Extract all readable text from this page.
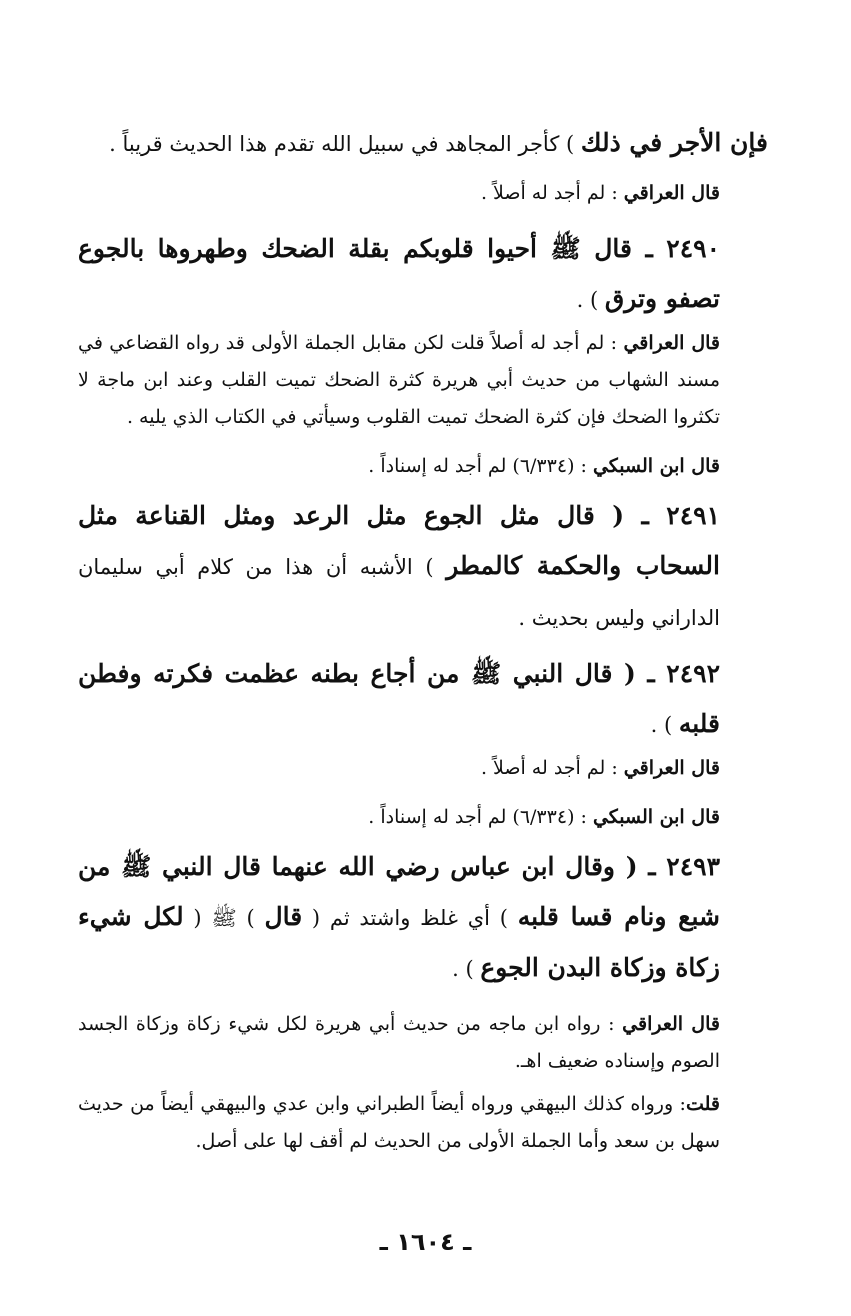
فإن الأجر في ذلك ) كأجر المجاهد في سبيل الله تقدم هذا الحديث قريباً .

قال العراقي : لم أجد له أصلاً .

٢٤٩٠ ـ قال ﷺ أحيوا قلوبكم بقلة الضحك وطهروها بالجوع تصفو وترق ) .

قال العراقي : لم أجد له أصلاً قلت لكن مقابل الجملة الأولى قد رواه القضاعي في مسند الشهاب من حديث أبي هريرة كثرة الضحك تميت القلب وعند ابن ماجة لا تكثروا الضحك فإن كثرة الضحك تميت القلوب وسيأتي في الكتاب الذي يليه .

قال ابن السبكي : (٦/٣٣٤) لم أجد له إسناداً .

٢٤٩١ ـ ( قال مثل الجوع مثل الرعد ومثل القناعة مثل السحاب والحكمة كالمطر ) الأشبه أن هذا من كلام أبي سليمان الداراني وليس بحديث .

٢٤٩٢ ـ ( قال النبي ﷺ من أجاع بطنه عظمت فكرته وفطن قلبه ) .

قال العراقي : لم أجد له أصلاً .

قال ابن السبكي : (٦/٣٣٤) لم أجد له إسناداً .

٢٤٩٣ ـ ( وقال ابن عباس رضي الله عنهما قال النبي ﷺ من شبع ونام قسا قلبه ) أي غلظ واشتد ثم ( قال ) ﷺ ( لكل شيء زكاة وزكاة البدن الجوع ) .

قال العراقي : رواه ابن ماجه من حديث أبي هريرة لكل شيء زكاة وزكاة الجسد الصوم وإسناده ضعيف اهـ.

قلت: ورواه كذلك البيهقي ورواه أيضاً الطبراني وابن عدي والبيهقي أيضاً من حديث سهل بن سعد وأما الجملة الأولى من الحديث لم أقف لها على أصل.

ـ ١٦٠٤ ـ
